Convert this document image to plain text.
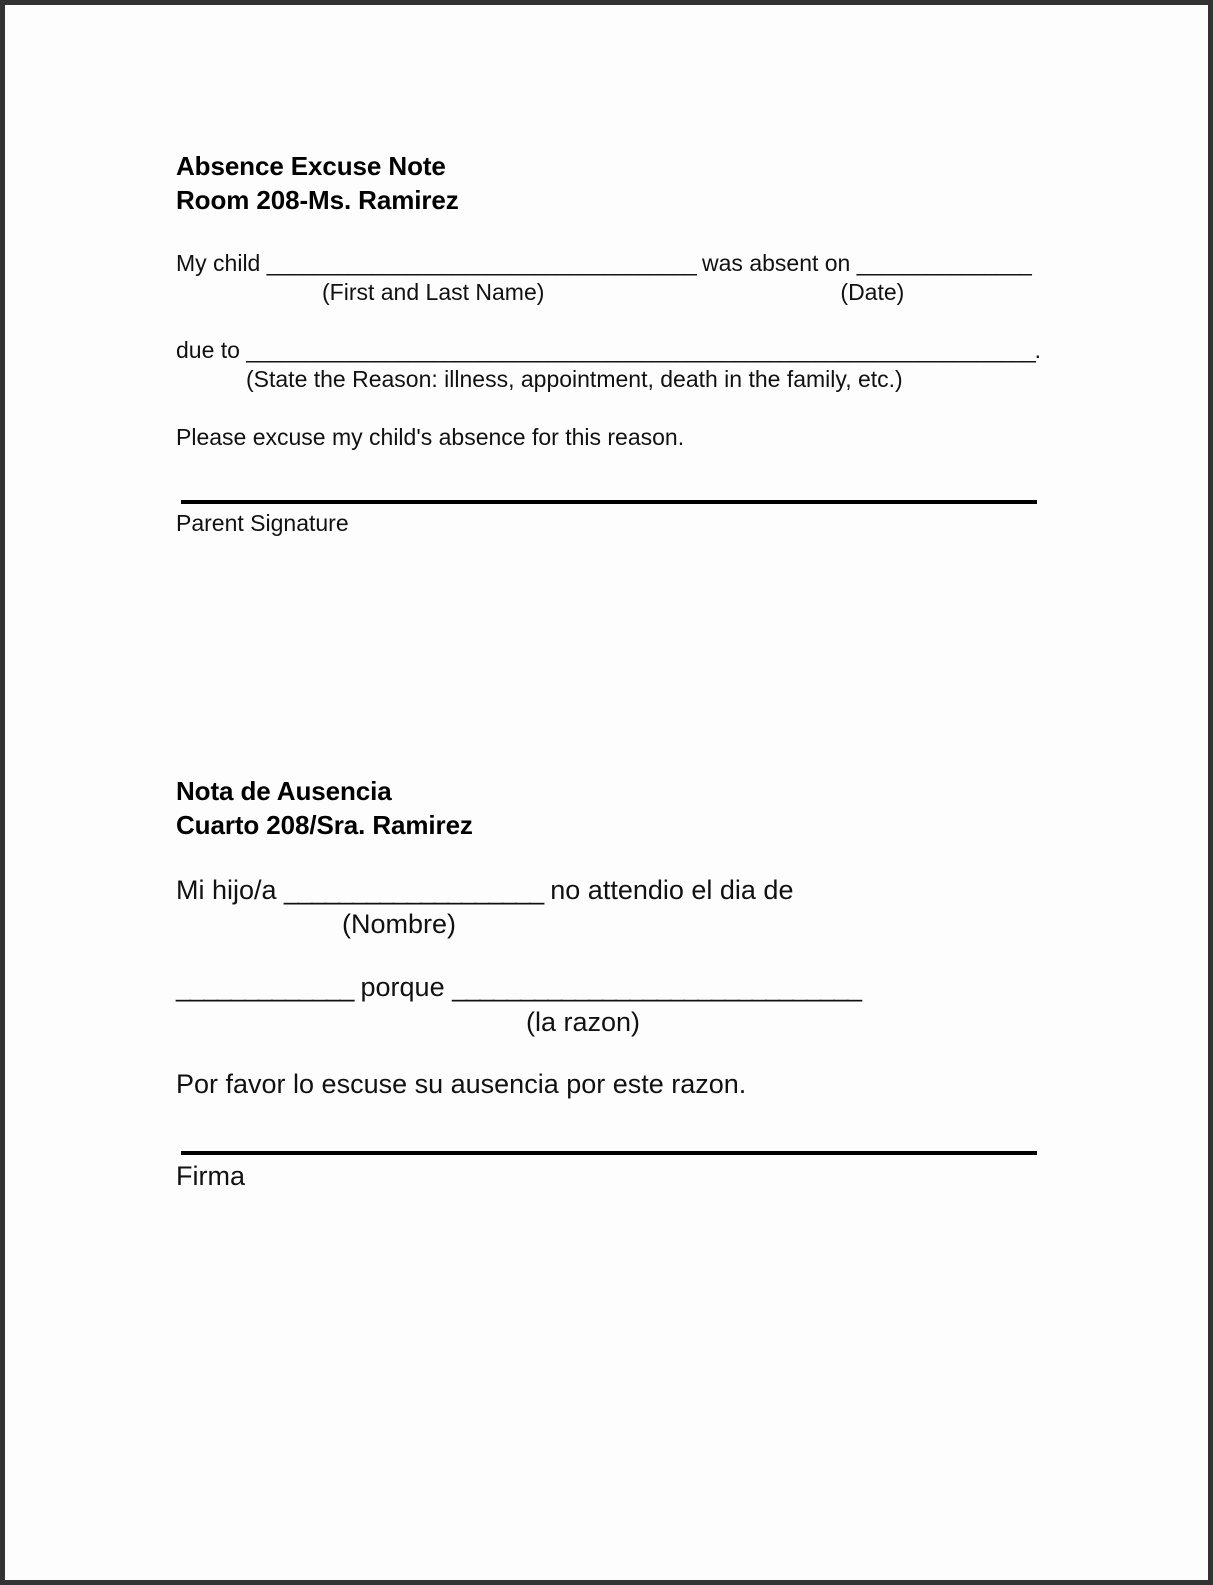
Absence Excuse Note
Room 208-Ms. Ramirez
My child _____________________________________ was absent on _______________
(First and Last Name)	(Date)
due to ____________________________________________________________________.
(State the Reason: illness, appointment, death in the family, etc.)
Please excuse my child's absence for this reason.
Parent Signature
Nota de Ausencia
Cuarto 208/Sra. Ramirez
Mi hijo/a ___________________ no attendio el dia de
(Nombre)
_____________ porque ______________________________
(la razon)
Por favor lo escuse su ausencia por este razon.
Firma
